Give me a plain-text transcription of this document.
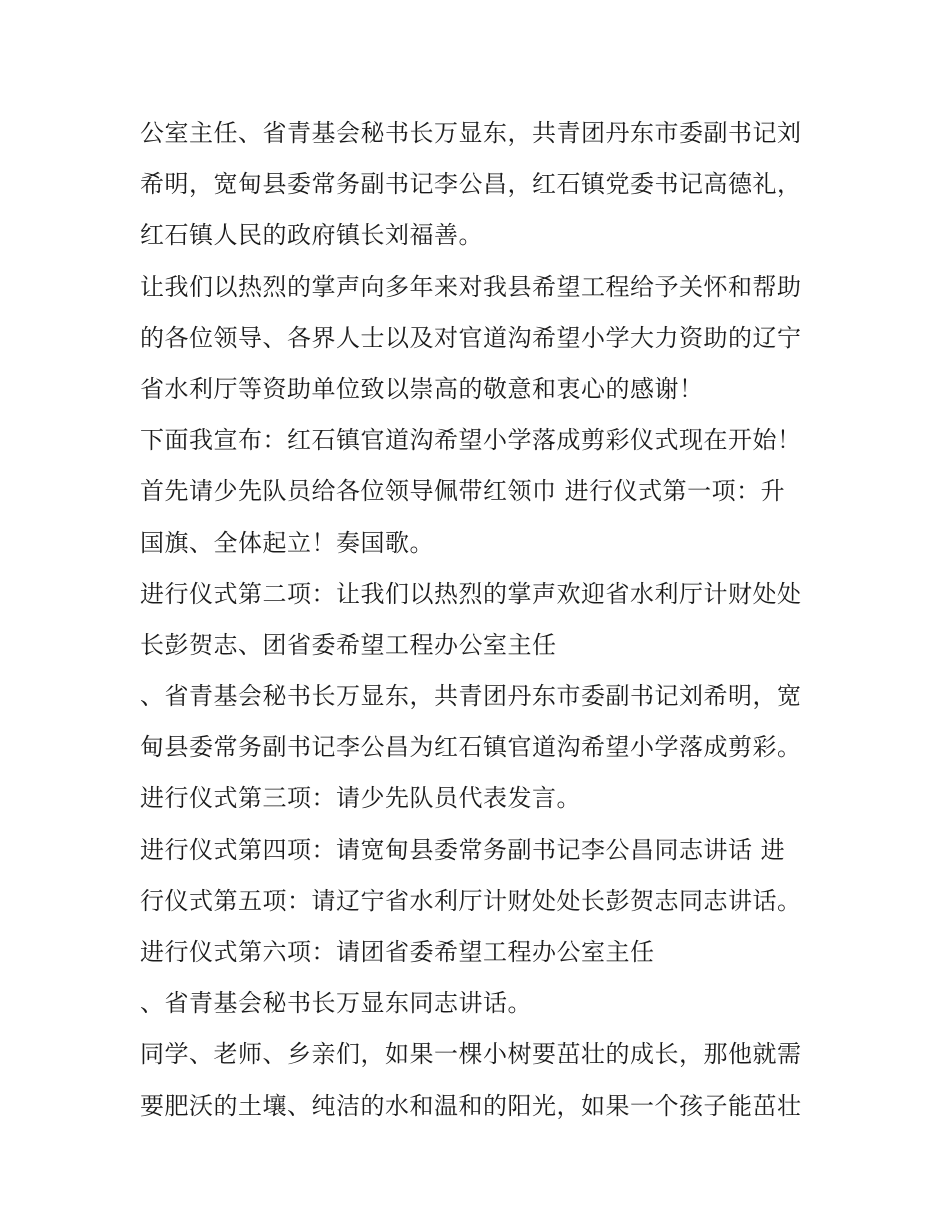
公室主任、省青基会秘书长万显东，共青团丹东市委副书记刘
希明，宽甸县委常务副书记李公昌，红石镇党委书记高德礼，
红石镇人民的政府镇长刘福善。
让我们以热烈的掌声向多年来对我县希望工程给予关怀和帮助
的各位领导、各界人士以及对官道沟希望小学大力资助的辽宁
省水利厅等资助单位致以崇高的敬意和衷心的感谢！
下面我宣布：红石镇官道沟希望小学落成剪彩仪式现在开始！
首先请少先队员给各位领导佩带红领巾 进行仪式第一项：升
国旗、全体起立！奏国歌。
进行仪式第二项：让我们以热烈的掌声欢迎省水利厅计财处处
长彭贺志、团省委希望工程办公室主任
、省青基会秘书长万显东，共青团丹东市委副书记刘希明，宽
甸县委常务副书记李公昌为红石镇官道沟希望小学落成剪彩。
进行仪式第三项：请少先队员代表发言。
进行仪式第四项：请宽甸县委常务副书记李公昌同志讲话 进
行仪式第五项：请辽宁省水利厅计财处处长彭贺志同志讲话。
进行仪式第六项：请团省委希望工程办公室主任
、省青基会秘书长万显东同志讲话。
同学、老师、乡亲们，如果一棵小树要茁壮的成长，那他就需
要肥沃的土壤、纯洁的水和温和的阳光，如果一个孩子能茁壮
